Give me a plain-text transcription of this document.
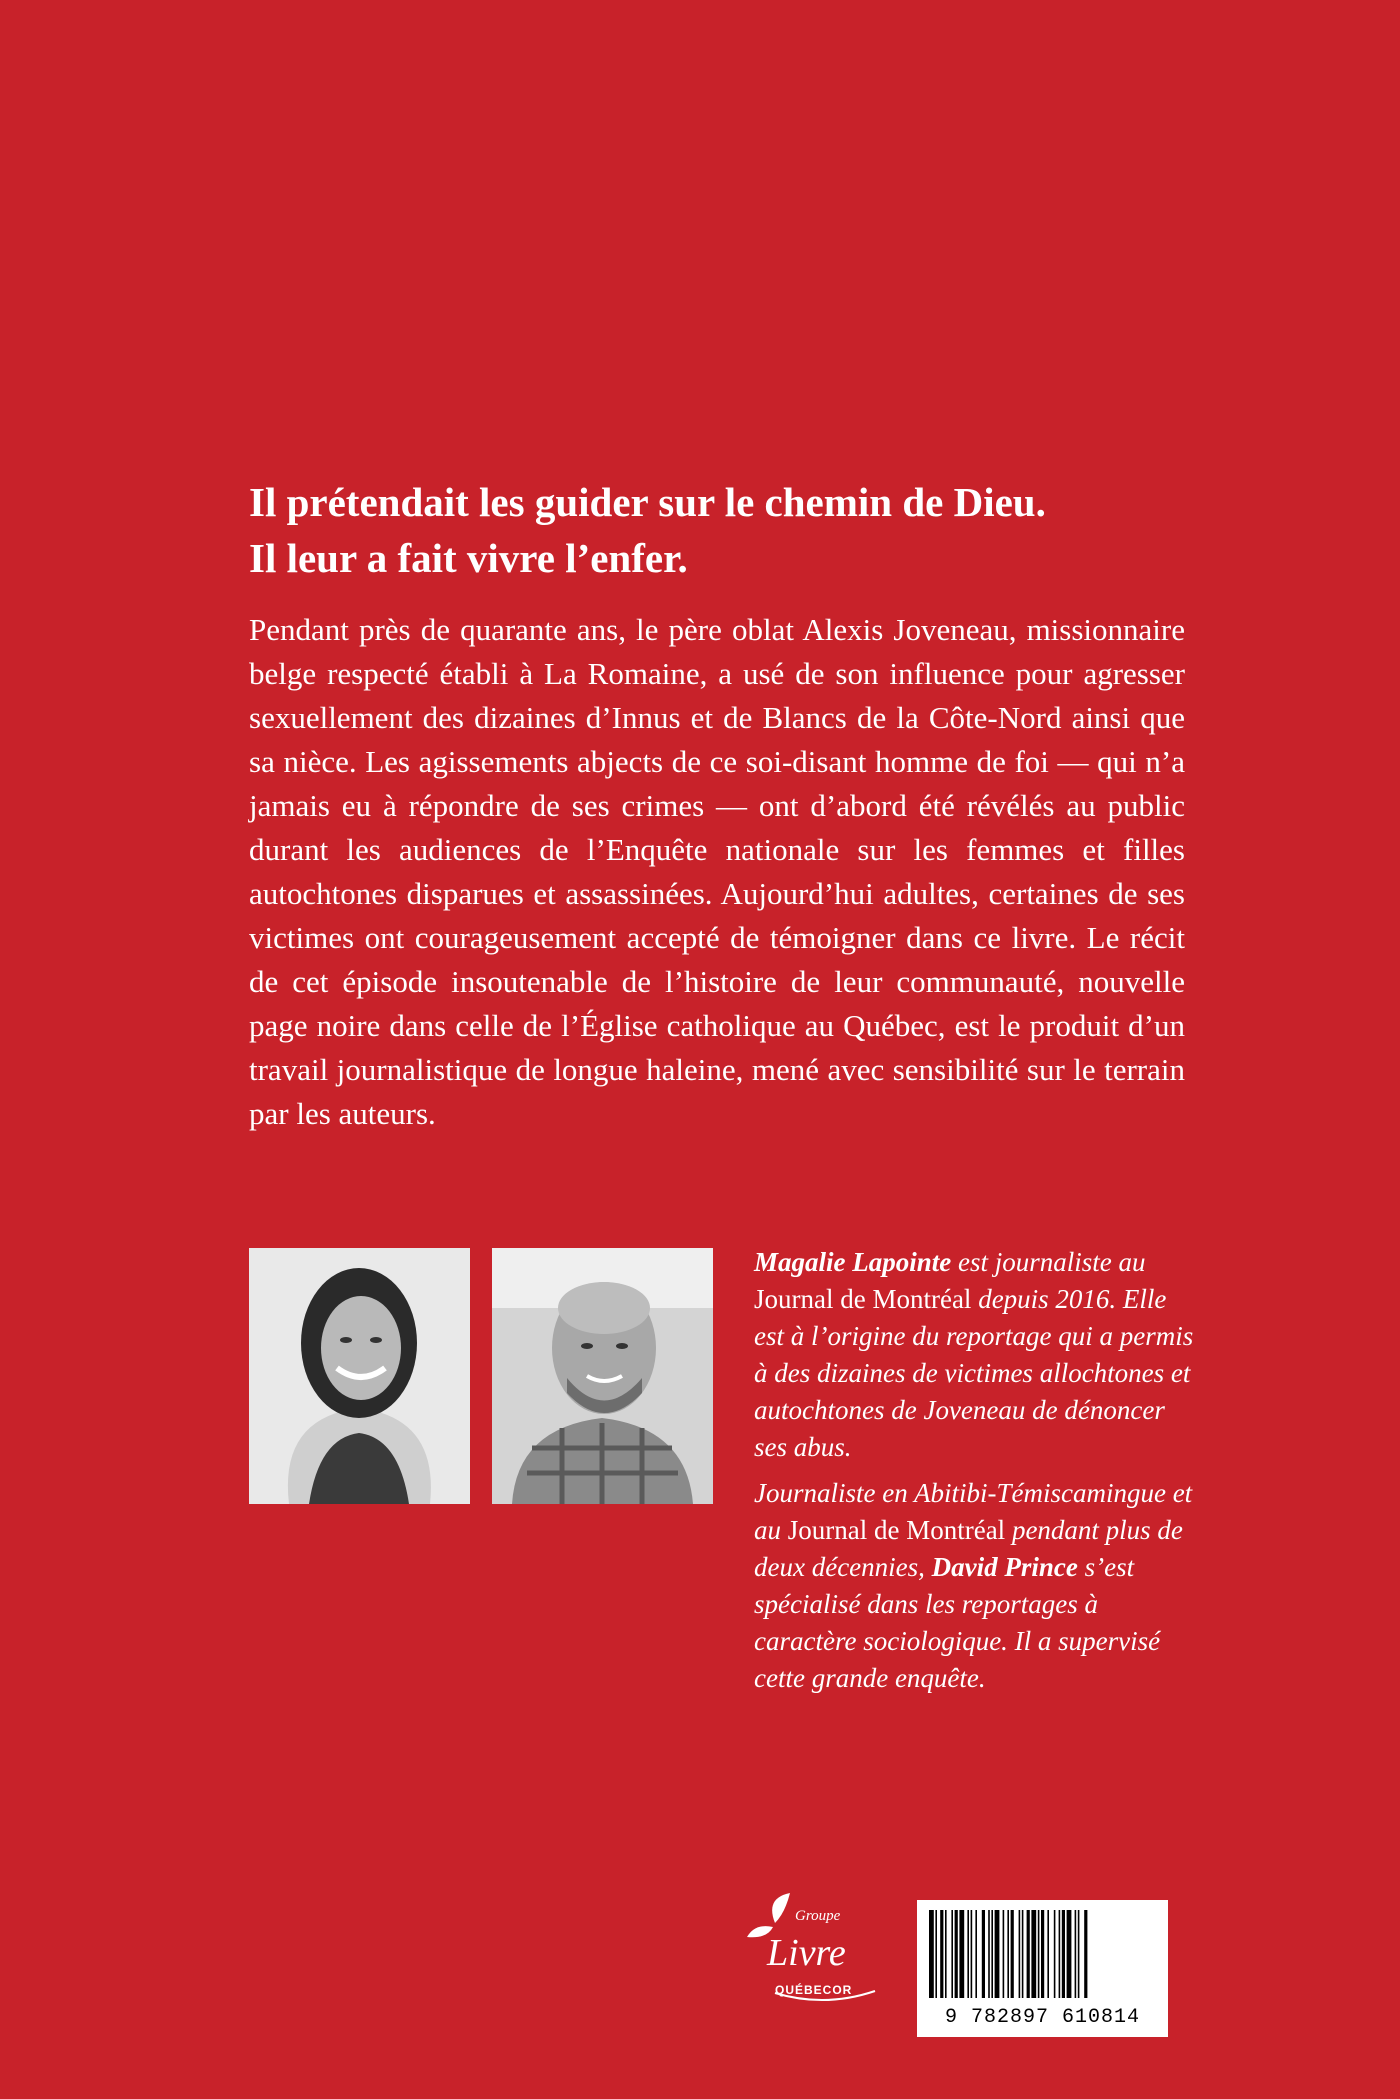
Il prétendait les guider sur le chemin de Dieu.
Il leur a fait vivre l’enfer.

Pendant près de quarante ans, le père oblat Alexis Joveneau, missionnaire belge respecté établi à La Romaine, a usé de son influence pour agresser sexuellement des dizaines d’Innus et de Blancs de la Côte-Nord ainsi que sa nièce. Les agissements abjects de ce soi-disant homme de foi — qui n’a jamais eu à répondre de ses crimes — ont d’abord été révélés au public durant les audiences de l’Enquête nationale sur les femmes et filles autochtones disparues et assassinées. Aujourd’hui adultes, certaines de ses victimes ont courageusement accepté de témoigner dans ce livre. Le récit de cet épisode insoutenable de l’histoire de leur communauté, nouvelle page noire dans celle de l’Église catholique au Québec, est le produit d’un travail journalistique de longue haleine, mené avec sensibilité sur le terrain par les auteurs.

Magalie Lapointe est journaliste au Journal de Montréal depuis 2016. Elle est à l’origine du reportage qui a permis à des dizaines de victimes allochtones et autochtones de Joveneau de dénoncer ses abus.
Journaliste en Abitibi-Témiscamingue et au Journal de Montréal pendant plus de deux décennies, David Prince s’est spécialisé dans les reportages à caractère sociologique. Il a supervisé cette grande enquête.
Groupe
Livre
QUÉBECOR
9 782897 610814
